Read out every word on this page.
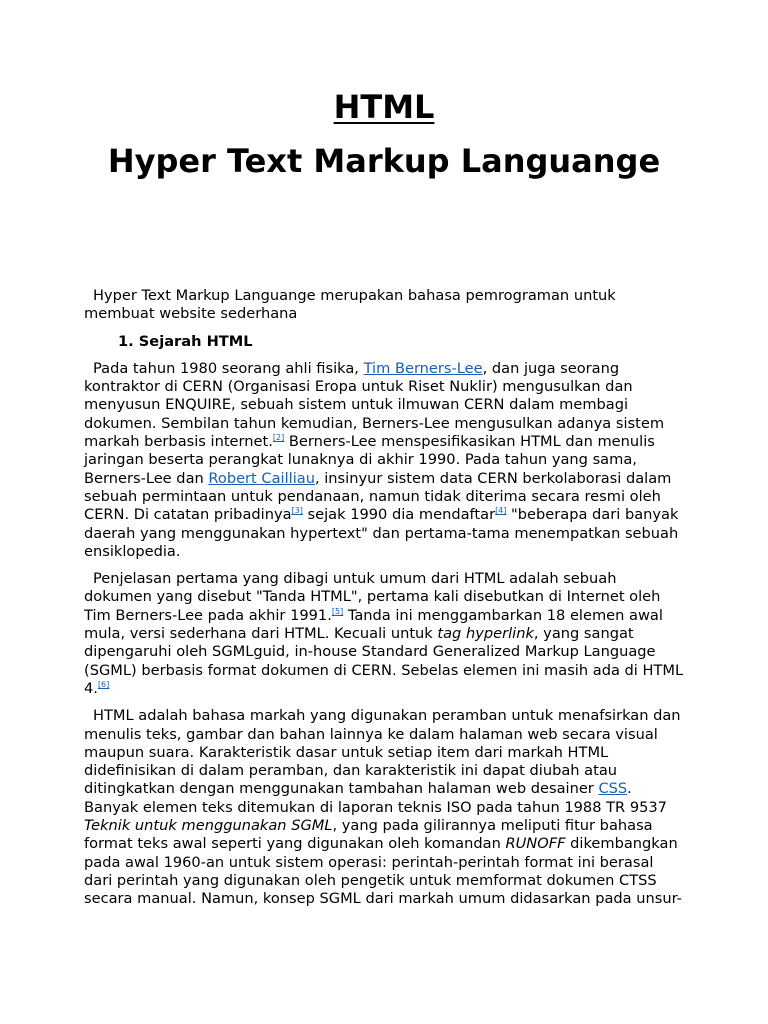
HTML
Hyper Text Markup Languange

Hyper Text Markup Languange merupakan bahasa pemrograman untuk membuat website sederhana

1. Sejarah HTML

Pada tahun 1980 seorang ahli fisika, Tim Berners-Lee, dan juga seorang kontraktor di CERN (Organisasi Eropa untuk Riset Nuklir) mengusulkan dan menyusun ENQUIRE, sebuah sistem untuk ilmuwan CERN dalam membagi dokumen. Sembilan tahun kemudian, Berners-Lee mengusulkan adanya sistem markah berbasis internet.[2] Berners-Lee menspesifikasikan HTML dan menulis jaringan beserta perangkat lunaknya di akhir 1990. Pada tahun yang sama, Berners-Lee dan Robert Cailliau, insinyur sistem data CERN berkolaborasi dalam sebuah permintaan untuk pendanaan, namun tidak diterima secara resmi oleh CERN. Di catatan pribadinya[3] sejak 1990 dia mendaftar[4] "beberapa dari banyak daerah yang menggunakan hypertext" dan pertama-tama menempatkan sebuah ensiklopedia.

Penjelasan pertama yang dibagi untuk umum dari HTML adalah sebuah dokumen yang disebut "Tanda HTML", pertama kali disebutkan di Internet oleh Tim Berners-Lee pada akhir 1991.[5] Tanda ini menggambarkan 18 elemen awal mula, versi sederhana dari HTML. Kecuali untuk tag hyperlink, yang sangat dipengaruhi oleh SGMLguid, in-house Standard Generalized Markup Language (SGML) berbasis format dokumen di CERN. Sebelas elemen ini masih ada di HTML 4.[6]

HTML adalah bahasa markah yang digunakan peramban untuk menafsirkan dan menulis teks, gambar dan bahan lainnya ke dalam halaman web secara visual maupun suara. Karakteristik dasar untuk setiap item dari markah HTML didefinisikan di dalam peramban, dan karakteristik ini dapat diubah atau ditingkatkan dengan menggunakan tambahan halaman web desainer CSS. Banyak elemen teks ditemukan di laporan teknis ISO pada tahun 1988 TR 9537 Teknik untuk menggunakan SGML, yang pada gilirannya meliputi fitur bahasa format teks awal seperti yang digunakan oleh komandan RUNOFF dikembangkan pada awal 1960-an untuk sistem operasi: perintah-perintah format ini berasal dari perintah yang digunakan oleh pengetik untuk memformat dokumen CTSS secara manual. Namun, konsep SGML dari markah umum didasarkan pada unsur-
